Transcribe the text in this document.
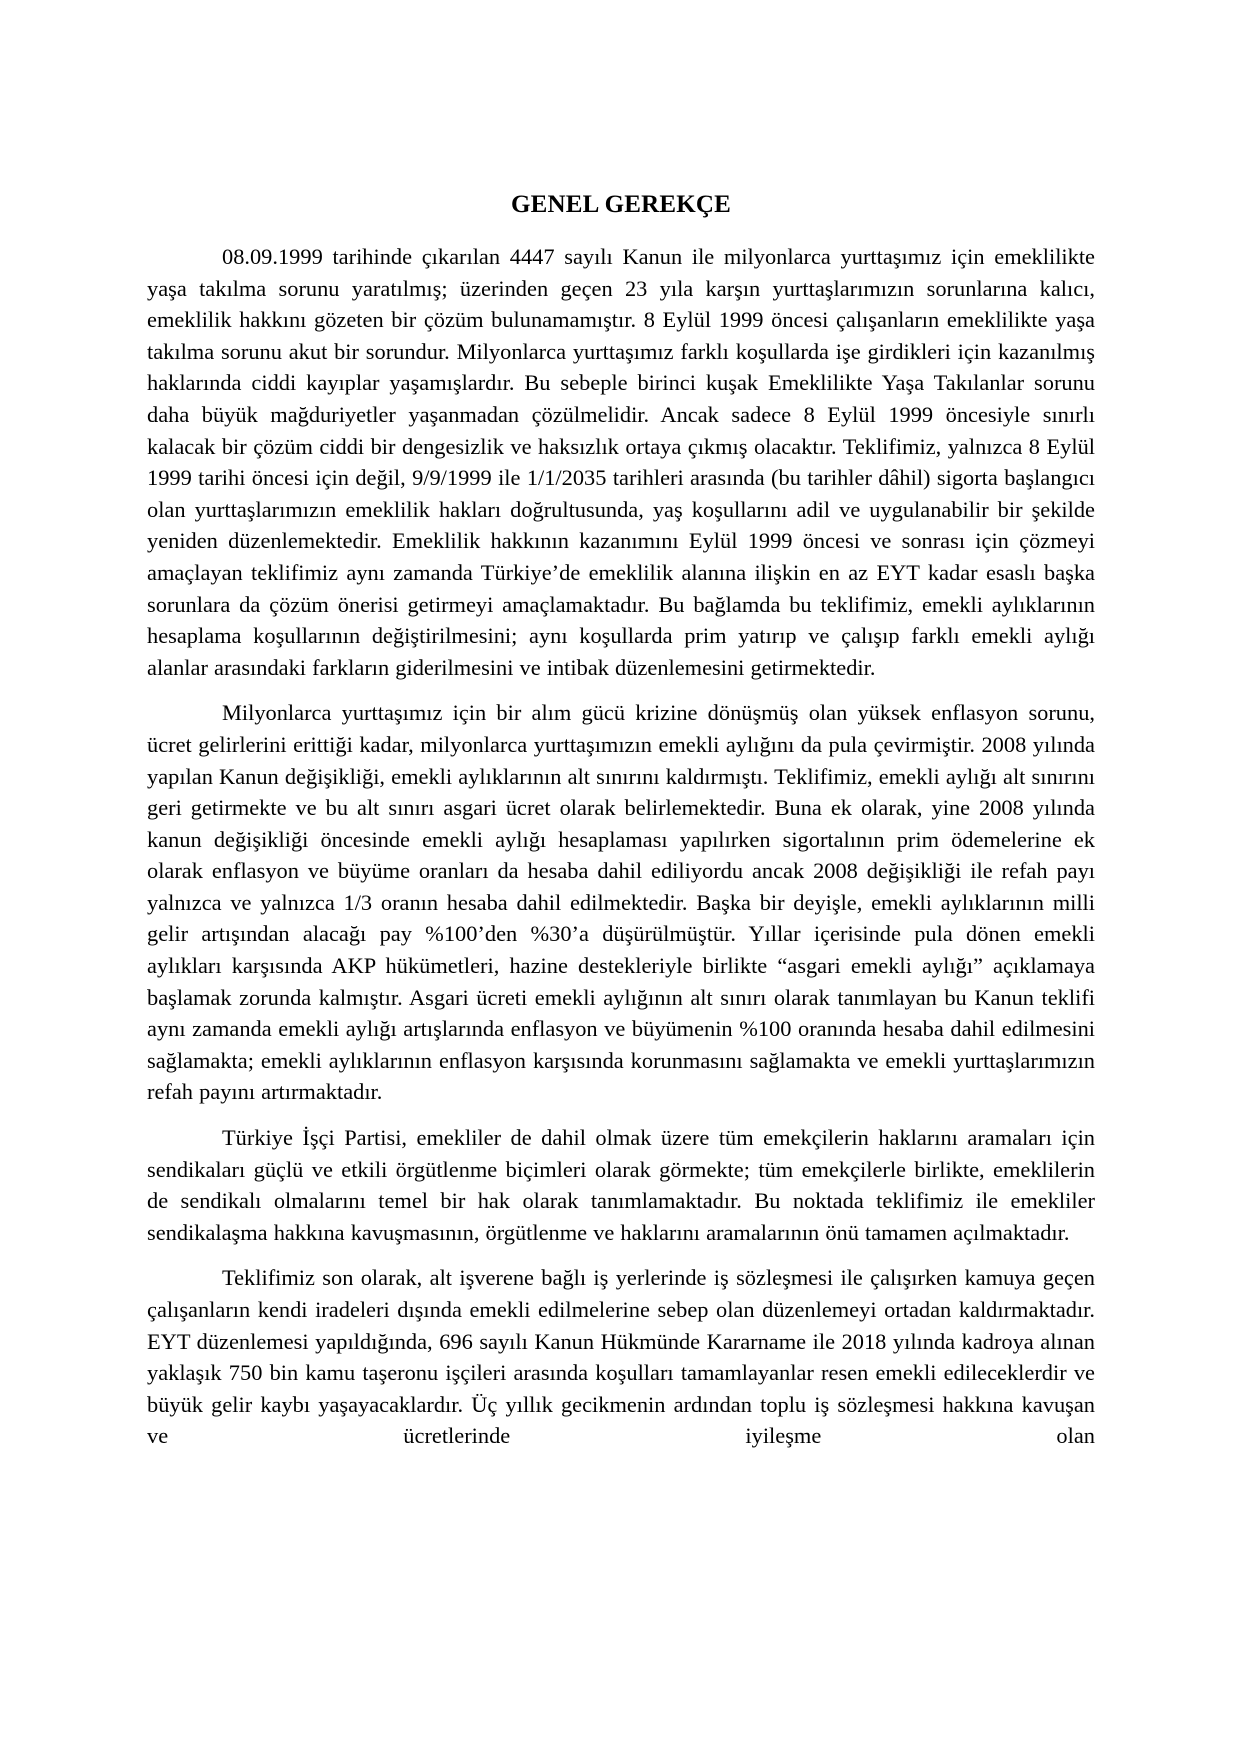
GENEL GEREKÇE

08.09.1999 tarihinde çıkarılan 4447 sayılı Kanun ile milyonlarca yurttaşımız için emeklilikte yaşa takılma sorunu yaratılmış; üzerinden geçen 23 yıla karşın yurttaşlarımızın sorunlarına kalıcı, emeklilik hakkını gözeten bir çözüm bulunamamıştır. 8 Eylül 1999 öncesi çalışanların emeklilikte yaşa takılma sorunu akut bir sorundur. Milyonlarca yurttaşımız farklı koşullarda işe girdikleri için kazanılmış haklarında ciddi kayıplar yaşamışlardır. Bu sebeple birinci kuşak Emeklilikte Yaşa Takılanlar sorunu daha büyük mağduriyetler yaşanmadan çözülmelidir. Ancak sadece 8 Eylül 1999 öncesiyle sınırlı kalacak bir çözüm ciddi bir dengesizlik ve haksızlık ortaya çıkmış olacaktır. Teklifimiz, yalnızca 8 Eylül 1999 tarihi öncesi için değil, 9/9/1999 ile 1/1/2035 tarihleri arasında (bu tarihler dâhil) sigorta başlangıcı olan yurttaşlarımızın emeklilik hakları doğrultusunda, yaş koşullarını adil ve uygulanabilir bir şekilde yeniden düzenlemektedir. Emeklilik hakkının kazanımını Eylül 1999 öncesi ve sonrası için çözmeyi amaçlayan teklifimiz aynı zamanda Türkiye’de emeklilik alanına ilişkin en az EYT kadar esaslı başka sorunlara da çözüm önerisi getirmeyi amaçlamaktadır. Bu bağlamda bu teklifimiz, emekli aylıklarının hesaplama koşullarının değiştirilmesini; aynı koşullarda prim yatırıp ve çalışıp farklı emekli aylığı alanlar arasındaki farkların giderilmesini ve intibak düzenlemesini getirmektedir.

Milyonlarca yurttaşımız için bir alım gücü krizine dönüşmüş olan yüksek enflasyon sorunu, ücret gelirlerini erittiği kadar, milyonlarca yurttaşımızın emekli aylığını da pula çevirmiştir. 2008 yılında yapılan Kanun değişikliği, emekli aylıklarının alt sınırını kaldırmıştı. Teklifimiz, emekli aylığı alt sınırını geri getirmekte ve bu alt sınırı asgari ücret olarak belirlemektedir. Buna ek olarak, yine 2008 yılında kanun değişikliği öncesinde emekli aylığı hesaplaması yapılırken sigortalının prim ödemelerine ek olarak enflasyon ve büyüme oranları da hesaba dahil ediliyordu ancak 2008 değişikliği ile refah payı yalnızca ve yalnızca 1/3 oranın hesaba dahil edilmektedir. Başka bir deyişle, emekli aylıklarının milli gelir artışından alacağı pay %100’den %30’a düşürülmüştür. Yıllar içerisinde pula dönen emekli aylıkları karşısında AKP hükümetleri, hazine destekleriyle birlikte “asgari emekli aylığı” açıklamaya başlamak zorunda kalmıştır. Asgari ücreti emekli aylığının alt sınırı olarak tanımlayan bu Kanun teklifi aynı zamanda emekli aylığı artışlarında enflasyon ve büyümenin %100 oranında hesaba dahil edilmesini sağlamakta; emekli aylıklarının enflasyon karşısında korunmasını sağlamakta ve emekli yurttaşlarımızın refah payını artırmaktadır.

Türkiye İşçi Partisi, emekliler de dahil olmak üzere tüm emekçilerin haklarını aramaları için sendikaları güçlü ve etkili örgütlenme biçimleri olarak görmekte; tüm emekçilerle birlikte, emeklilerin de sendikalı olmalarını temel bir hak olarak tanımlamaktadır. Bu noktada teklifimiz ile emekliler sendikalaşma hakkına kavuşmasının, örgütlenme ve haklarını aramalarının önü tamamen açılmaktadır.

Teklifimiz son olarak, alt işverene bağlı iş yerlerinde iş sözleşmesi ile çalışırken kamuya geçen çalışanların kendi iradeleri dışında emekli edilmelerine sebep olan düzenlemeyi ortadan kaldırmaktadır. EYT düzenlemesi yapıldığında, 696 sayılı Kanun Hükmünde Kararname ile 2018 yılında kadroya alınan yaklaşık 750 bin kamu taşeronu işçileri arasında koşulları tamamlayanlar resen emekli edileceklerdir ve büyük gelir kaybı yaşayacaklardır. Üç yıllık gecikmenin ardından toplu iş sözleşmesi hakkına kavuşan ve ücretlerinde iyileşme olan
